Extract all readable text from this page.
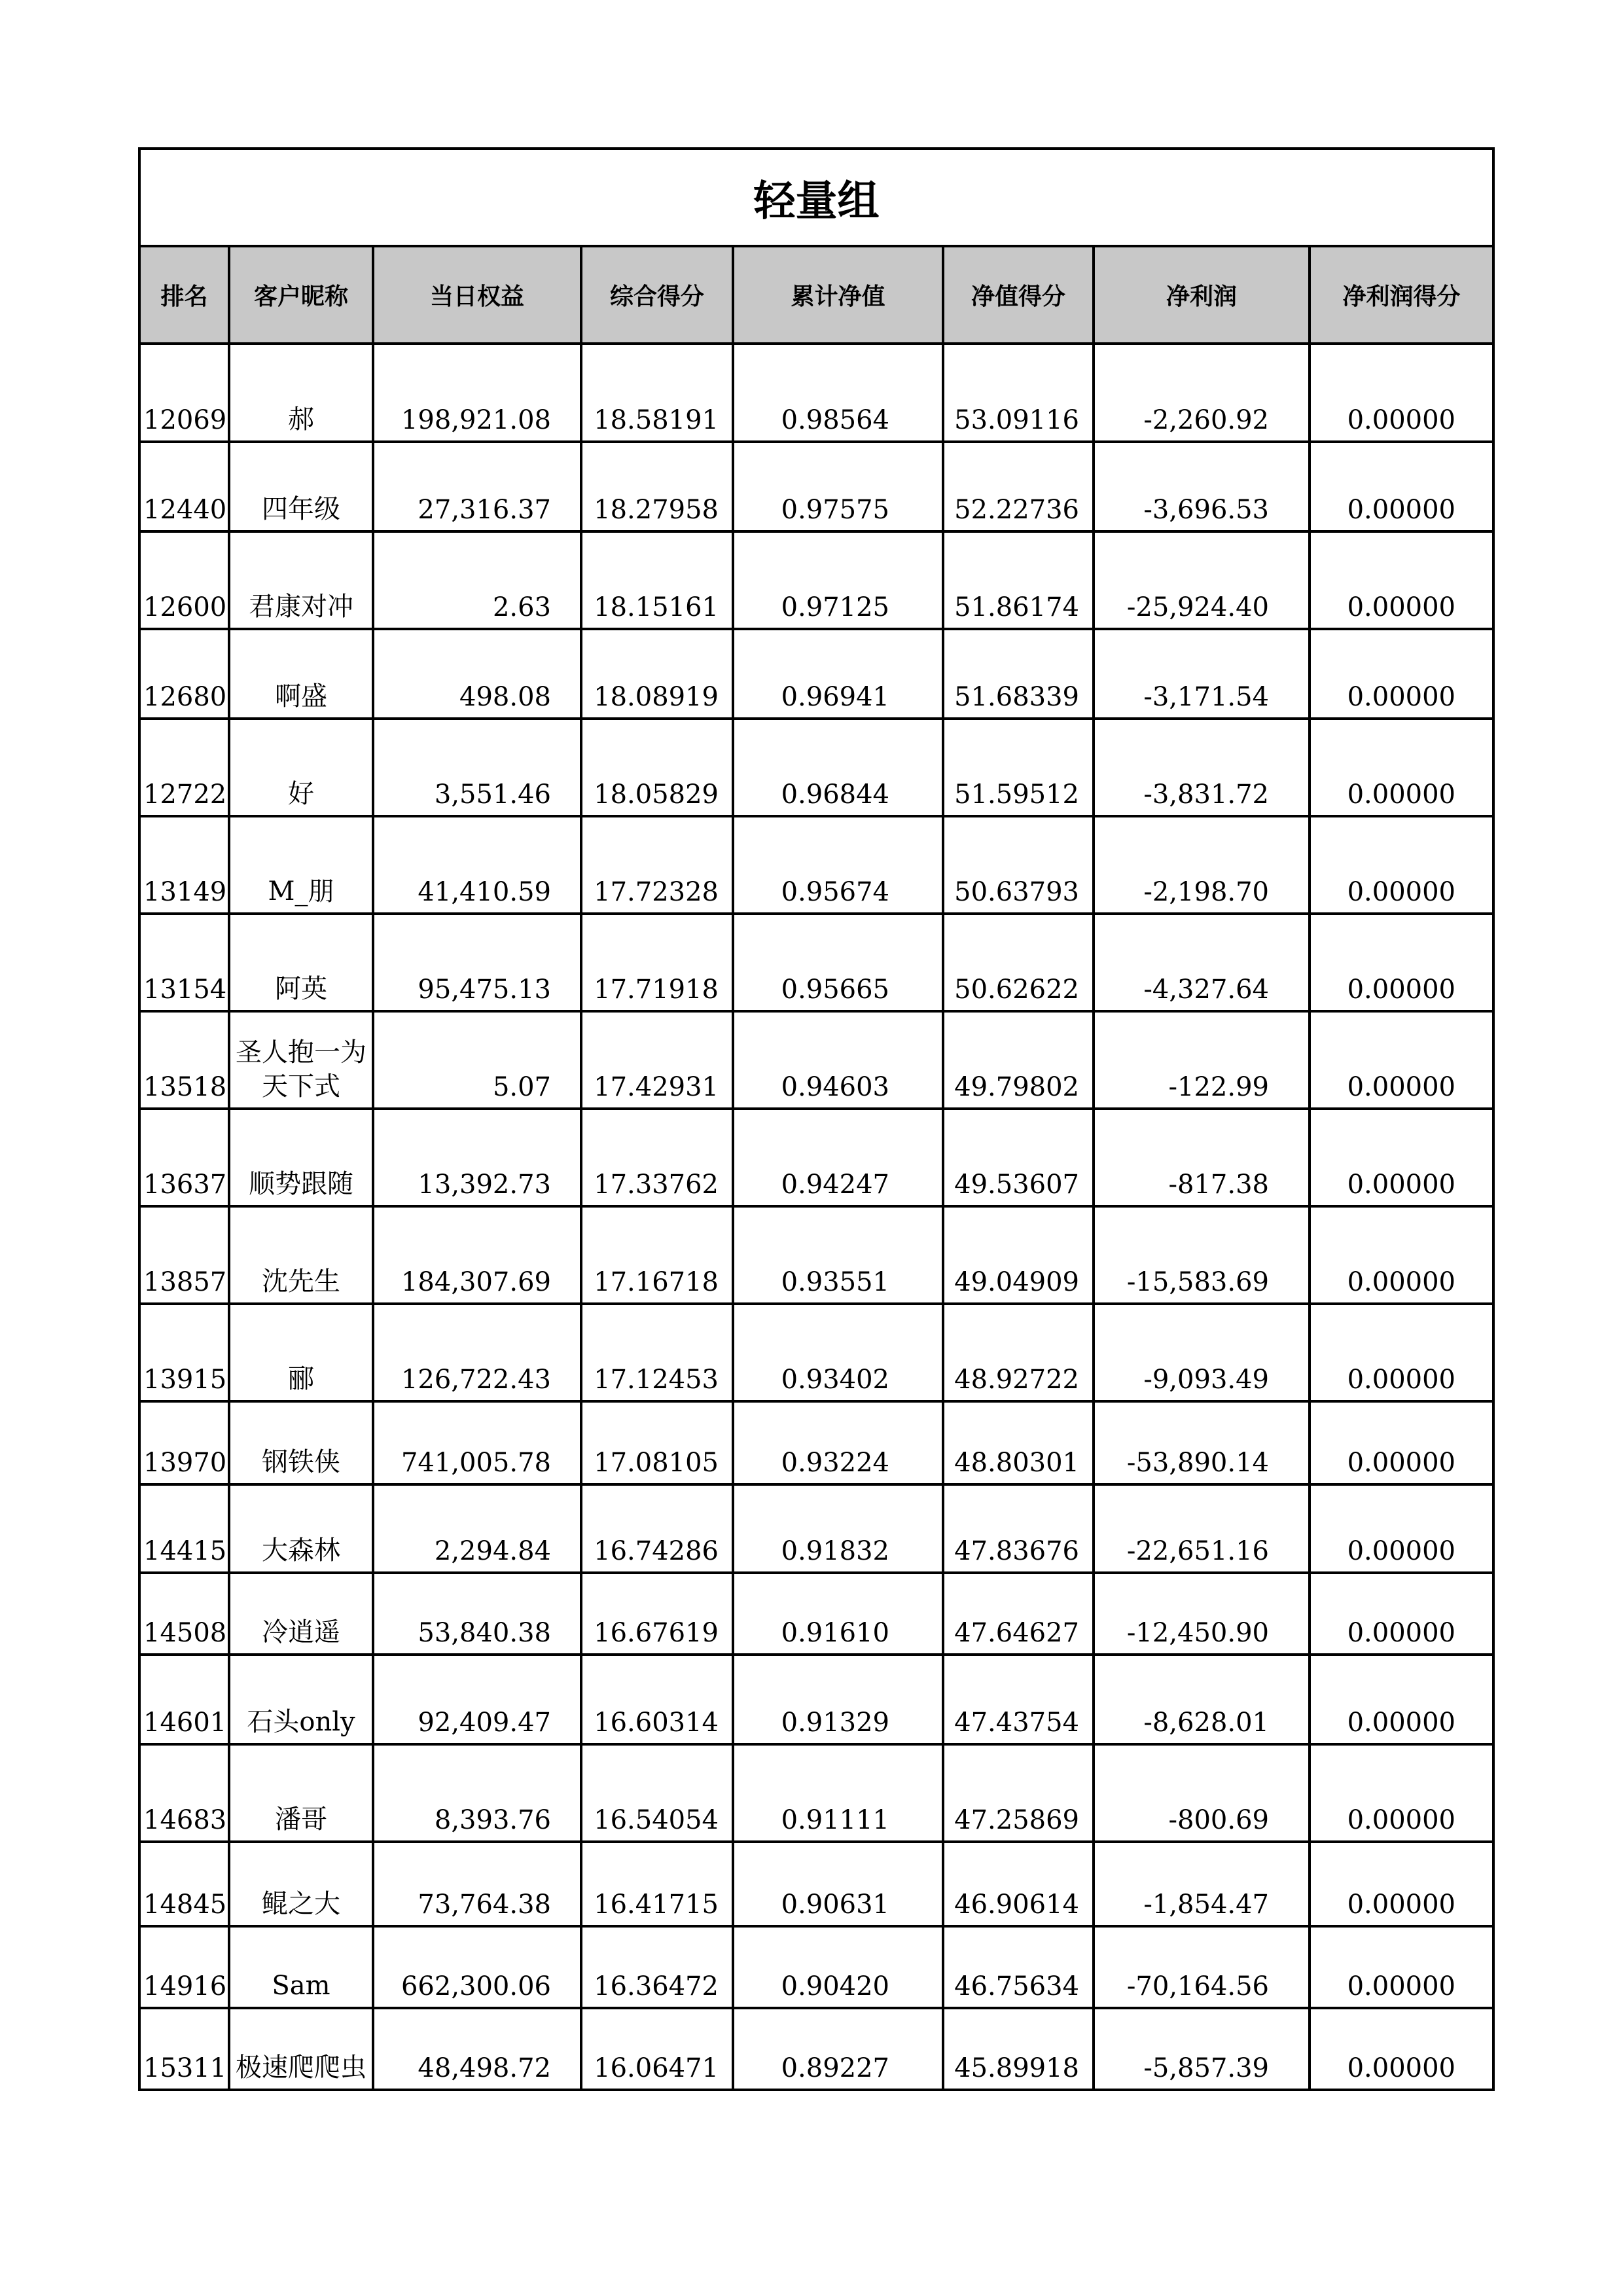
轻量组							
排名	客户昵称	当日权益	综合得分	累计净值	净值得分	净利润	净利润得分
12069	郝	198,921.08	18.58191	0.98564	53.09116	-2,260.92	0.00000
12440	四年级	27,316.37	18.27958	0.97575	52.22736	-3,696.53	0.00000
12600	君康对冲	2.63	18.15161	0.97125	51.86174	-25,924.40	0.00000
12680	啊盛	498.08	18.08919	0.96941	51.68339	-3,171.54	0.00000
12722	好	3,551.46	18.05829	0.96844	51.59512	-3,831.72	0.00000
13149	M_朋	41,410.59	17.72328	0.95674	50.63793	-2,198.70	0.00000
13154	阿英	95,475.13	17.71918	0.95665	50.62622	-4,327.64	0.00000
13518	圣人抱一为天下式	5.07	17.42931	0.94603	49.79802	-122.99	0.00000
13637	顺势跟随	13,392.73	17.33762	0.94247	49.53607	-817.38	0.00000
13857	沈先生	184,307.69	17.16718	0.93551	49.04909	-15,583.69	0.00000
13915	郦	126,722.43	17.12453	0.93402	48.92722	-9,093.49	0.00000
13970	钢铁侠	741,005.78	17.08105	0.93224	48.80301	-53,890.14	0.00000
14415	大森林	2,294.84	16.74286	0.91832	47.83676	-22,651.16	0.00000
14508	冷逍遥	53,840.38	16.67619	0.91610	47.64627	-12,450.90	0.00000
14601	石头only	92,409.47	16.60314	0.91329	47.43754	-8,628.01	0.00000
14683	潘哥	8,393.76	16.54054	0.91111	47.25869	-800.69	0.00000
14845	鲲之大	73,764.38	16.41715	0.90631	46.90614	-1,854.47	0.00000
14916	Sam	662,300.06	16.36472	0.90420	46.75634	-70,164.56	0.00000
15311	极速爬爬虫	48,498.72	16.06471	0.89227	45.89918	-5,857.39	0.00000
